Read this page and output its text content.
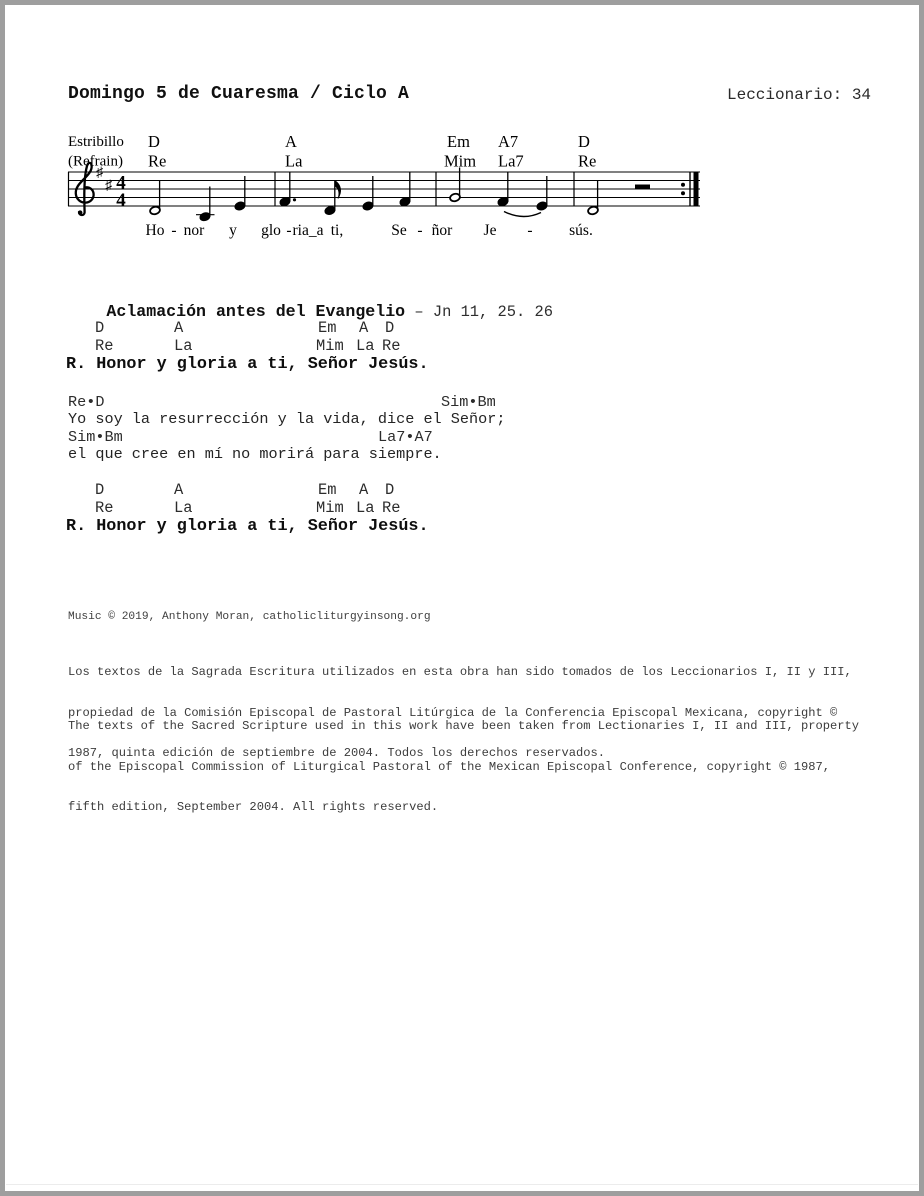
Domingo 5 de Cuaresma / Ciclo A	Leccionario: 34
Estribillo
(Refrain)
D	A	Em A7	D
Re	La	Mim La7	Re
♯
♯ 4
4
Ho - nor y glo - ria_a ti,	Se - ñor Je - sús.

Aclamación antes del Evangelio – Jn 11, 25. 26

D	A	Em A D
Re	La	Mim La Re
R. Honor y gloria a ti, Señor Jesús.
Re•D	Sim•Bm
Yo soy la resurrección y la vida, dice el Señor;
Sim•Bm	La7•A7
el que cree en mí no morirá para siempre.
D	A	Em A D
Re	La	Mim La Re
R. Honor y gloria a ti, Señor Jesús.
Music © 2019, Anthony Moran, catholicliturgyinsong.org

Los textos de la Sagrada Escritura utilizados en esta obra han sido tomados de los Leccionarios I, II y III,

propiedad de la Comisión Episcopal de Pastoral Litúrgica de la Conferencia Episcopal Mexicana, copyright ©

1987, quinta edición de septiembre de 2004. Todos los derechos reservados.

The texts of the Sacred Scripture used in this work have been taken from Lectionaries I, II and III, property

of the Episcopal Commission of Liturgical Pastoral of the Mexican Episcopal Conference, copyright © 1987,

fifth edition, September 2004. All rights reserved.
